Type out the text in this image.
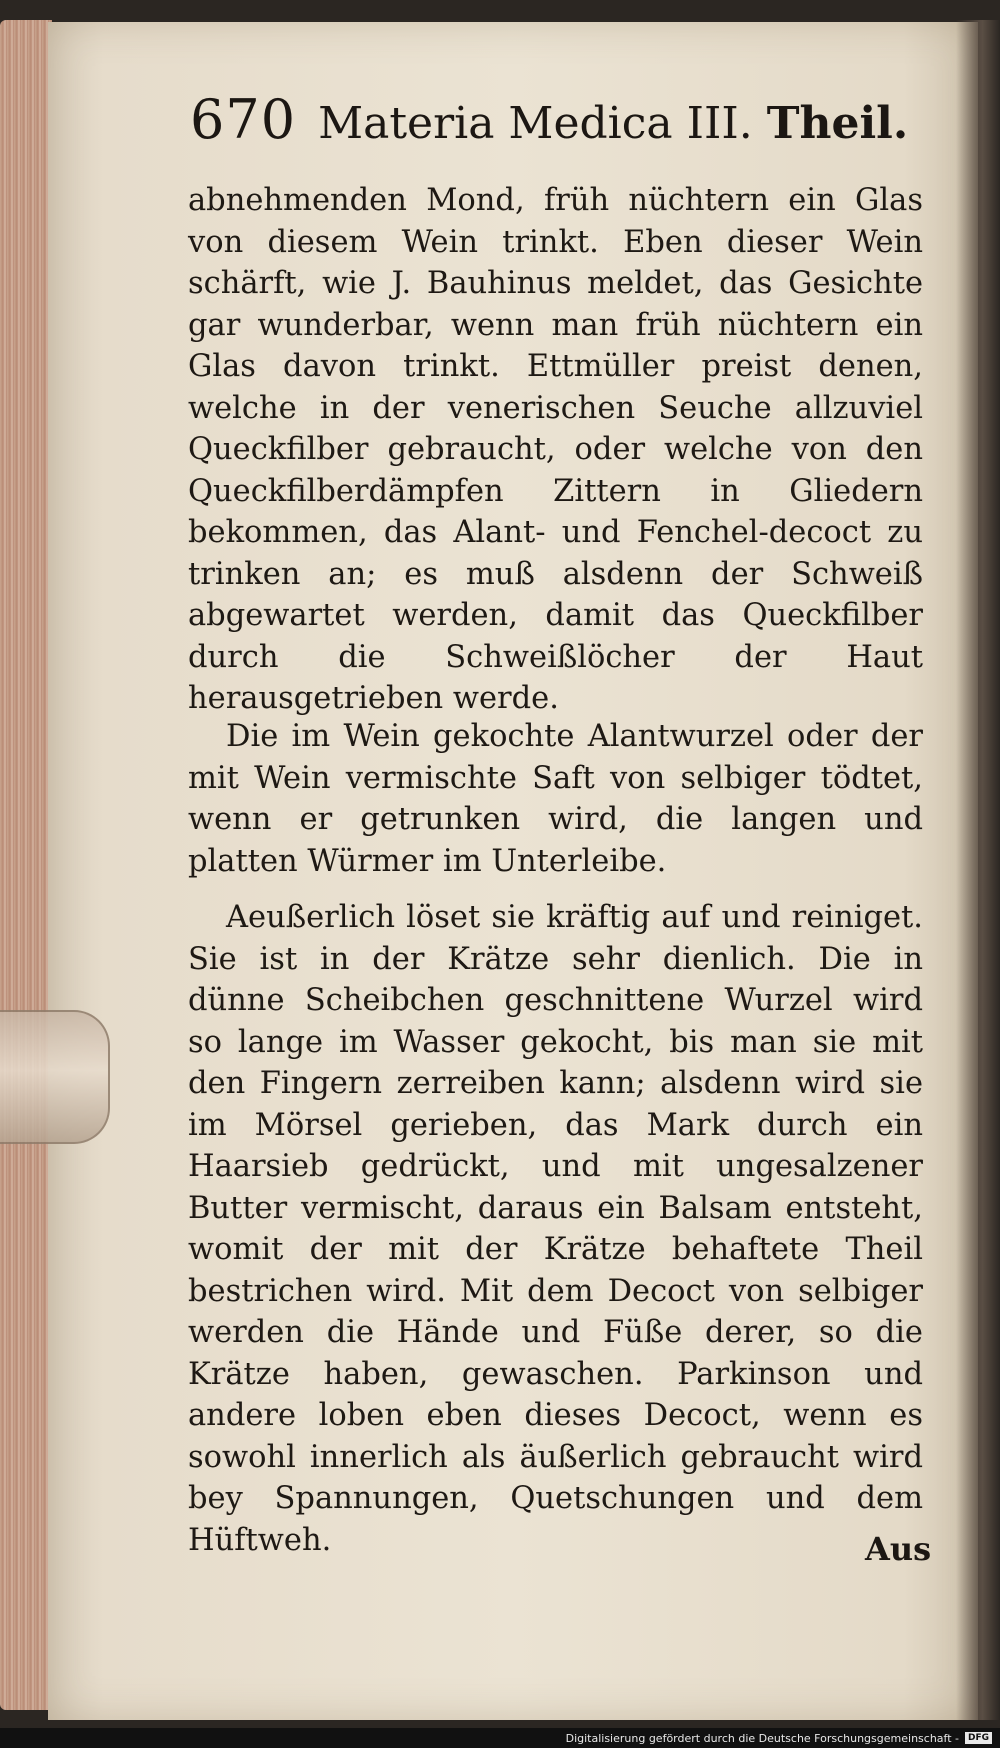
670 Materia Medica III. Theil.

abnehmenden Mond, früh nüchtern ein Glas von diesem Wein trinkt. Eben dieser Wein schärft, wie J. Bauhinus meldet, das Gesichte gar wunderbar, wenn man früh nüchtern ein Glas davon trinkt. Ettmüller preist denen, welche in der venerischen Seuche allzuviel Queckfilber gebraucht, oder welche von den Queckfilberdämpfen Zittern in Gliedern bekommen, das Alant- und Fenchel-decoct zu trinken an; es muß alsdenn der Schweiß abgewartet werden, damit das Queckfilber durch die Schweißlöcher der Haut herausgetrieben werde.

Die im Wein gekochte Alantwurzel oder der mit Wein vermischte Saft von selbiger tödtet, wenn er getrunken wird, die langen und platten Würmer im Unterleibe.

Aeußerlich löset sie kräftig auf und reiniget. Sie ist in der Krätze sehr dienlich. Die in dünne Scheibchen geschnittene Wurzel wird so lange im Wasser gekocht, bis man sie mit den Fingern zerreiben kann; alsdenn wird sie im Mörsel gerieben, das Mark durch ein Haarsieb gedrückt, und mit ungesalzener Butter vermischt, daraus ein Balsam entsteht, womit der mit der Krätze behaftete Theil bestrichen wird. Mit dem Decoct von selbiger werden die Hände und Füße derer, so die Krätze haben, gewaschen. Parkinson und andere loben eben dieses Decoct, wenn es sowohl innerlich als äußerlich gebraucht wird bey Spannungen, Quetschungen und dem Hüftweh.	Aus
Digitalisierung gefördert durch die Deutsche Forschungsgemeinschaft -	DFG
